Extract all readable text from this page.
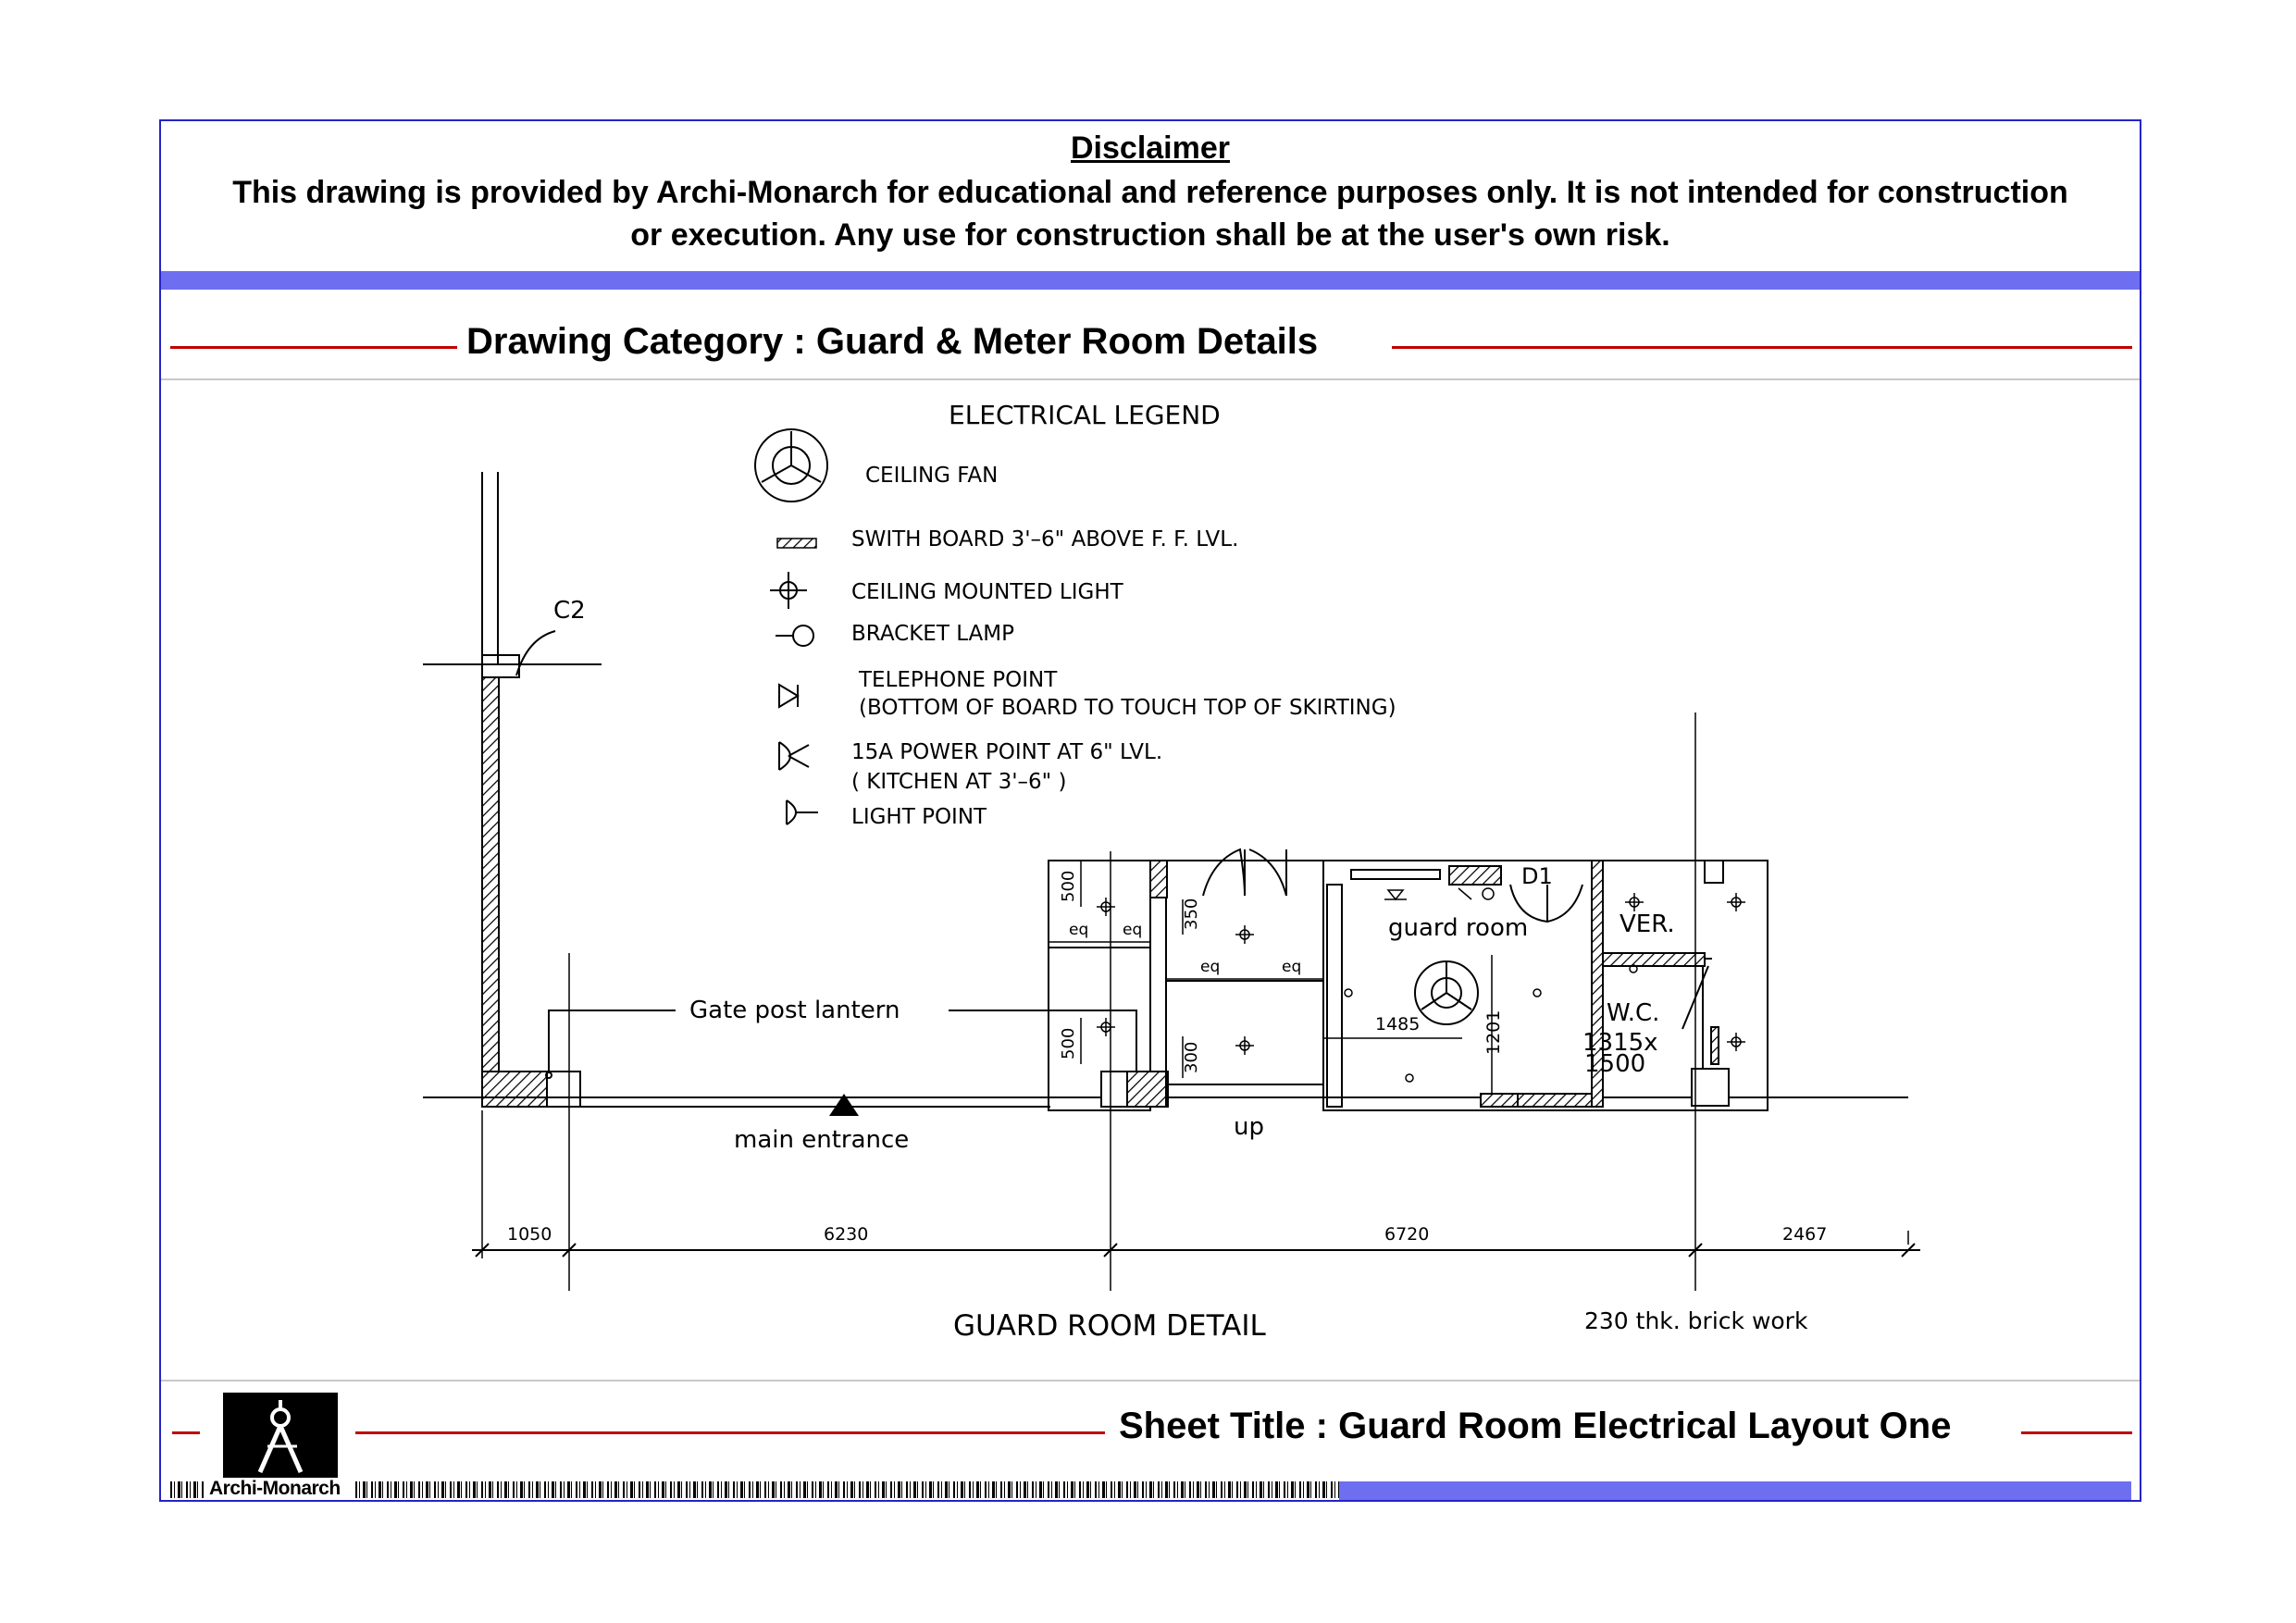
Disclaimer
This drawing is provided by Archi-Monarch for educational and reference purposes only. It is not intended for construction or execution. Any use for construction shall be at the user's own risk.
Drawing Category : Guard & Meter Room Details
Sheet Title : Guard Room Electrical Layout One
Archi-Monarch
ELECTRICAL LEGEND
CEILING FAN
SWITH BOARD 3'–6" ABOVE F. F. LVL.
CEILING MOUNTED LIGHT
BRACKET LAMP
TELEPHONE POINT
(BOTTOM OF BOARD TO TOUCH TOP OF SKIRTING)
15A POWER POINT AT 6" LVL.
( KITCHEN AT 3'–6" )
LIGHT POINT
C2
Gate post lantern
main entrance
500
500
350
300
eq eq
eq	eq
up
guard room
1485	1201
D1
VER.
W.C.
1315x
1500
1050	6230	6720	2467
GUARD ROOM DETAIL	230 thk. brick work
